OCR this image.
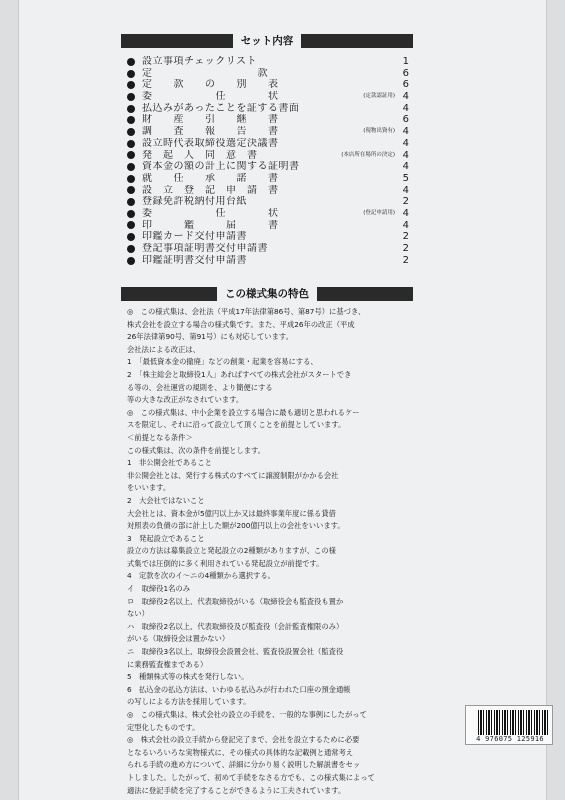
セット内容
設立事項チェックリスト	1
定　　　　　　　　　　款	6
定　　款　　の　　別　　表	6
委　　　　　　任　　　　状	(定款認証用) 4
払込みがあったことを証する書面	4
財　　産　　引　　継　　書	6
調　　査　　報　　告　　書	(現物出資有) 4
設立時代表取締役選定決議書	4
発　起　人　同　意　書	(本店所在場所の決定) 4
資本金の額の計上に関する証明書	4
就　　任　　承　　諾　　書	5
設　立　登　記　申　請　書	4
登録免許税納付用台紙	2
委　　　　　　任　　　　状	(登記申請用) 4
印　　　鑑　　　届　　　書	4
印鑑カード交付申請書	2
登記事項証明書交付申請書	2
印鑑証明書交付申請書	2
この様式集の特色

◎　この様式集は、会社法（平成17年法律第86号、第87号）に基づき、

株式会社を設立する場合の様式集です。また、平成26年の改正（平成

26年法律第90号、第91号）にも対応しています。

会社法による改正は、

1　「最低資本金の撤廃」などの創業・起業を容易にする、

2　「株主総会と取締役1人」あればすべての株式会社がスタートでき

る等の、会社運営の規則を、より簡便にする

等の大きな改正がなされています。

◎　この様式集は、中小企業を設立する場合に最も適切と思われるケー

スを限定し、それに沿って設立して頂くことを前提としています。

＜前提となる条件＞

この様式集は、次の条件を前提とします。

1　非公開会社であること

非公開会社とは、発行する株式のすべてに譲渡制限がかかる会社

をいいます。

2　大会社ではないこと

大会社とは、資本金が5億円以上か又は最終事業年度に係る貸借

対照表の負債の部に計上した額が200億円以上の会社をいいます。

3　発起設立であること

設立の方法は募集設立と発起設立の2種類がありますが、この様

式集では圧倒的に多く利用されている発起設立が前提です。

4　定款を次のイ～ニの4種類から選択する。

イ　取締役1名のみ

ロ　取締役2名以上、代表取締役がいる（取締役会も監査役も置か

ない）

ハ　取締役2名以上、代表取締役及び監査役（会計監査権限のみ）

がいる（取締役会は置かない）

ニ　取締役3名以上、取締役会設置会社、監査役設置会社（監査役

に業務監査権まである）

5　種類株式等の株式を発行しない。

6　払込金の払込方法は、いわゆる払込みが行われた口座の預金通帳

の写しによる方法を採用しています。

◎　この様式集は、株式会社の設立の手続を、一般的な事例にしたがって

定型化したものです。

◎　株式会社の設立手続から登記完了まで、会社を設立するために必要

となるいろいろな実物様式に、その様式の具体的な記載例と通常考え

られる手続の進め方について、詳細に分かり易く説明した解説書をセッ

トしました。したがって、初めて手続をなさる方でも、この様式集によって

適法に登記手続を完了することができるように工夫されています。

4 976075 125916
